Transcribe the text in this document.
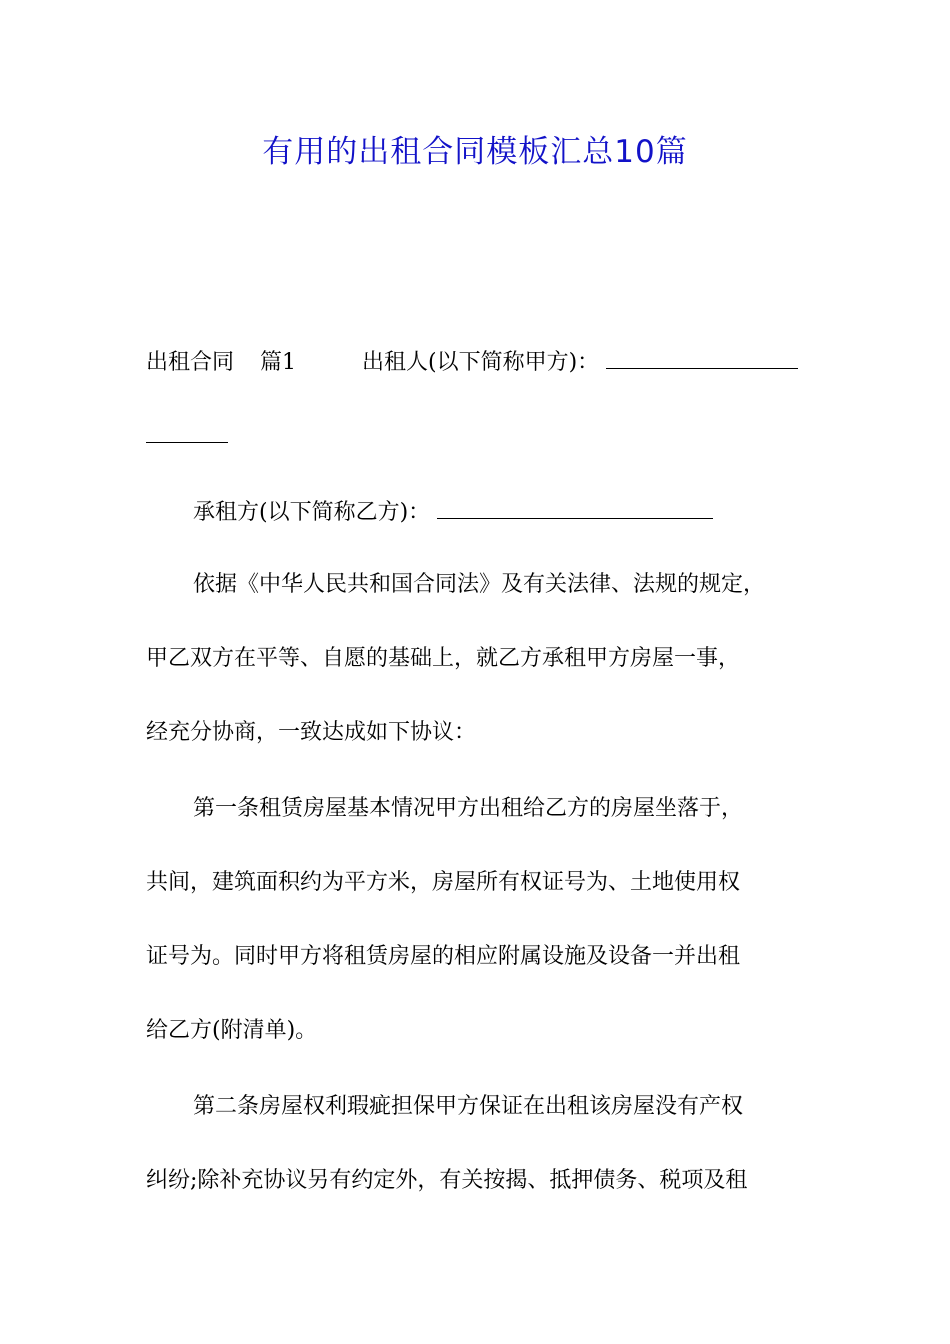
有用的出租合同模板汇总10篇
出租合同 篇1	出租人(以下简称甲方)：
承租方(以下简称乙方)：
依据《中华人民共和国合同法》及有关法律、法规的规定，
甲乙双方在平等、自愿的基础上，就乙方承租甲方房屋一事，
经充分协商，一致达成如下协议：
第一条租赁房屋基本情况甲方出租给乙方的房屋坐落于，
共间，建筑面积约为平方米，房屋所有权证号为、土地使用权
证号为。同时甲方将租赁房屋的相应附属设施及设备一并出租
给乙方(附清单)。
第二条房屋权利瑕疵担保甲方保证在出租该房屋没有产权
纠纷;除补充协议另有约定外，有关按揭、抵押债务、税项及租
